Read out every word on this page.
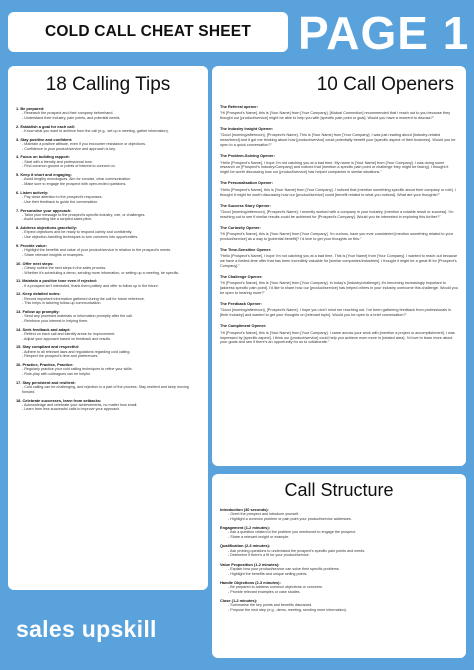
COLD CALL CHEAT SHEET PAGE 1
18 Calling Tips
1. Be prepared:
- Research the prospect and their company beforehand.
- Understand their industry, pain points, and potential needs.
2. Establish a goal for each call:
- Know what you want to achieve from the call (e.g., set up a meeting, gather information).
3. Stay positive and confident:
- Maintain a positive attitude, even if you encounter resistance or objections.
- Confidence in your product/service and approach is key.
4. Focus on building rapport:
- Start with a friendly and professional tone.
- Find common ground or points of interest to connect on.
5. Keep it short and engaging:
- Avoid lengthy monologues. Aim for concise, clear communication.
- Make sure to engage the prospect with open-ended questions.
6. Listen actively:
- Pay close attention to the prospect's responses.
- Use their feedback to guide the conversation.
7. Personalise your approach:
- Tailor your message to the prospect's specific industry, role, or challenges.
- Avoid sounding like a scripted sales pitch.
8. Address objections gracefully:
- Expect objections and be ready to respond calmly and confidently.
- Use objection-handling techniques to turn concerns into opportunities.
9. Provide value:
- Highlight the benefits and value of your product/service in relation to the prospect's needs.
- Share relevant insights or examples.
10. Offer next steps:
- Clearly outline the next steps in the sales process.
- Whether it's scheduling a demo, sending more information, or setting up a meeting, be specific.
11. Maintain a positive tone even if rejected:
- If a prospect isn't interested, thank them politely and offer to follow up in the future.
12. Keep detailed notes:
- Record important information gathered during the call for future reference.
- This helps in tailoring follow-up communication.
13. Follow up promptly:
- Send any promised materials or information promptly after the call.
- Reinforce your interest in helping them.
14. Seek feedback and adapt:
- Reflect on each call and identify areas for improvement.
- Adjust your approach based on feedback and results.
15. Stay compliant and respectful:
- Adhere to all relevant laws and regulations regarding cold calling.
- Respect the prospect's time and preferences.
16. Practice, Practice, Practice:
- Regularly practice your cold calling techniques to refine your skills.
- Role-play with colleagues can be helpful.
17. Stay persistent and resilient:
- Cold calling can be challenging, and rejection is a part of the process. Stay resilient and keep moving forward.
18. Celebrate successes, learn from setbacks:
- Acknowledge and celebrate your achievements, no matter how small.
- Learn from less successful calls to improve your approach.
10 Call Openers
The Referral opener:
"Hi [Prospect's Name], this is [Your Name] from [Your Company]. [Mutual Connection] recommended that I reach out to you because they thought our [product/service] might be able to help you with [specific pain point or goal]. Would you have a moment to discuss?"
The Industry Insight Opener:
"Good [morning/afternoon], [Prospect's Name]. This is [Your Name] from [Your Company]. I was just reading about [Industry-related news/trend] and it got me thinking about how [product/service] could potentially benefit your [specific aspect of their business]. Would you be open to a quick conversation?"
The Problem-Solving Opener:
"Hello [Prospect's Name], I hope I'm not catching you at a bad time. My name is [Your Name] from [Your Company]. I was doing some research on [Prospect's Industry/Company] and noticed that [mention a specific pain point or challenge they might be facing]. I thought it might be worth discussing how our [product/service] has helped companies in similar situations."
The Personalisation Opener:
"Hello [Prospect's Name], this is [Your Name] from [Your Company]. I noticed that [mention something specific about their company or role]. I thought it might be worth discussing how our [product/service] could [benefit related to what you noticed]. What are your thoughts?"
The Success Story Opener:
"Good [morning/afternoon], [Prospect's Name]. I recently worked with a company in your industry, [mention a notable result or success]. I'm reaching out to see if similar results could be achieved for [Prospect's Company]. Would you be interested in exploring this further?"
The Curiosity Opener:
"Hi [Prospect's Name], this is [Your Name] from [Your Company]. I'm curious, have you ever considered [mention something related to your product/service] as a way to [potential benefit]? I'd love to get your thoughts on this."
The Time-Sensitive Opener:
"Hello [Prospect's Name], I hope I'm not catching you at a bad time. This is [Your Name] from [Your Company]. I wanted to reach out because we have a limited-time offer that has been incredibly valuable for [similar companies/industries]. I thought it might be a great fit for [Prospect's Company]."
The Challenge Opener:
"Hi [Prospect's Name], this is [Your Name] from [Your Company]. In today's [industry/challenge], it's becoming increasingly important to [address specific pain point]. I'd like to share how our [product/service] has helped others in your industry overcome this challenge. Would you be open to hearing more?"
The Feedback Opener:
"Good [morning/afternoon], [Prospect's Name]. I hope you don't mind me reaching out. I've been gathering feedback from professionals in [their industry] and wanted to get your thoughts on [relevant topic]. Would you be open to a brief conversation?"
The Compliment Opener:
"Hi [Prospect's Name], this is [Your Name] from [Your Company]. I came across your work with [mention a project or accomplishment]. I was impressed by [specific aspect]. I think our [product/service] could help you achieve even more in [related area]. I'd love to learn more about your goals and see if there's an opportunity for us to collaborate."
Call Structure
Introduction (30 seconds):
- Greet the prospect and introduce yourself.
- Highlight a common problem or pain point your product/service addresses.
Engagement (1-2 minutes):
- Ask a question related to the problem you mentioned to engage the prospect.
- Share a relevant insight or example.
Qualification (2-3 minutes):
- Ask probing questions to understand the prospect's specific pain points and needs.
- Determine if there's a fit for your product/service.
Value Proposition (1-2 minutes):
- Explain how your product/service can solve their specific problems.
- Highlight the benefits and unique selling points.
Handle Objections (2-3 minutes):
- Be prepared to address common objections or concerns.
- Provide relevant examples or case studies.
Close (1-2 minutes):
- Summarise the key points and benefits discussed.
- Propose the next step (e.g., demo, meeting, sending more information).
sales upskill
